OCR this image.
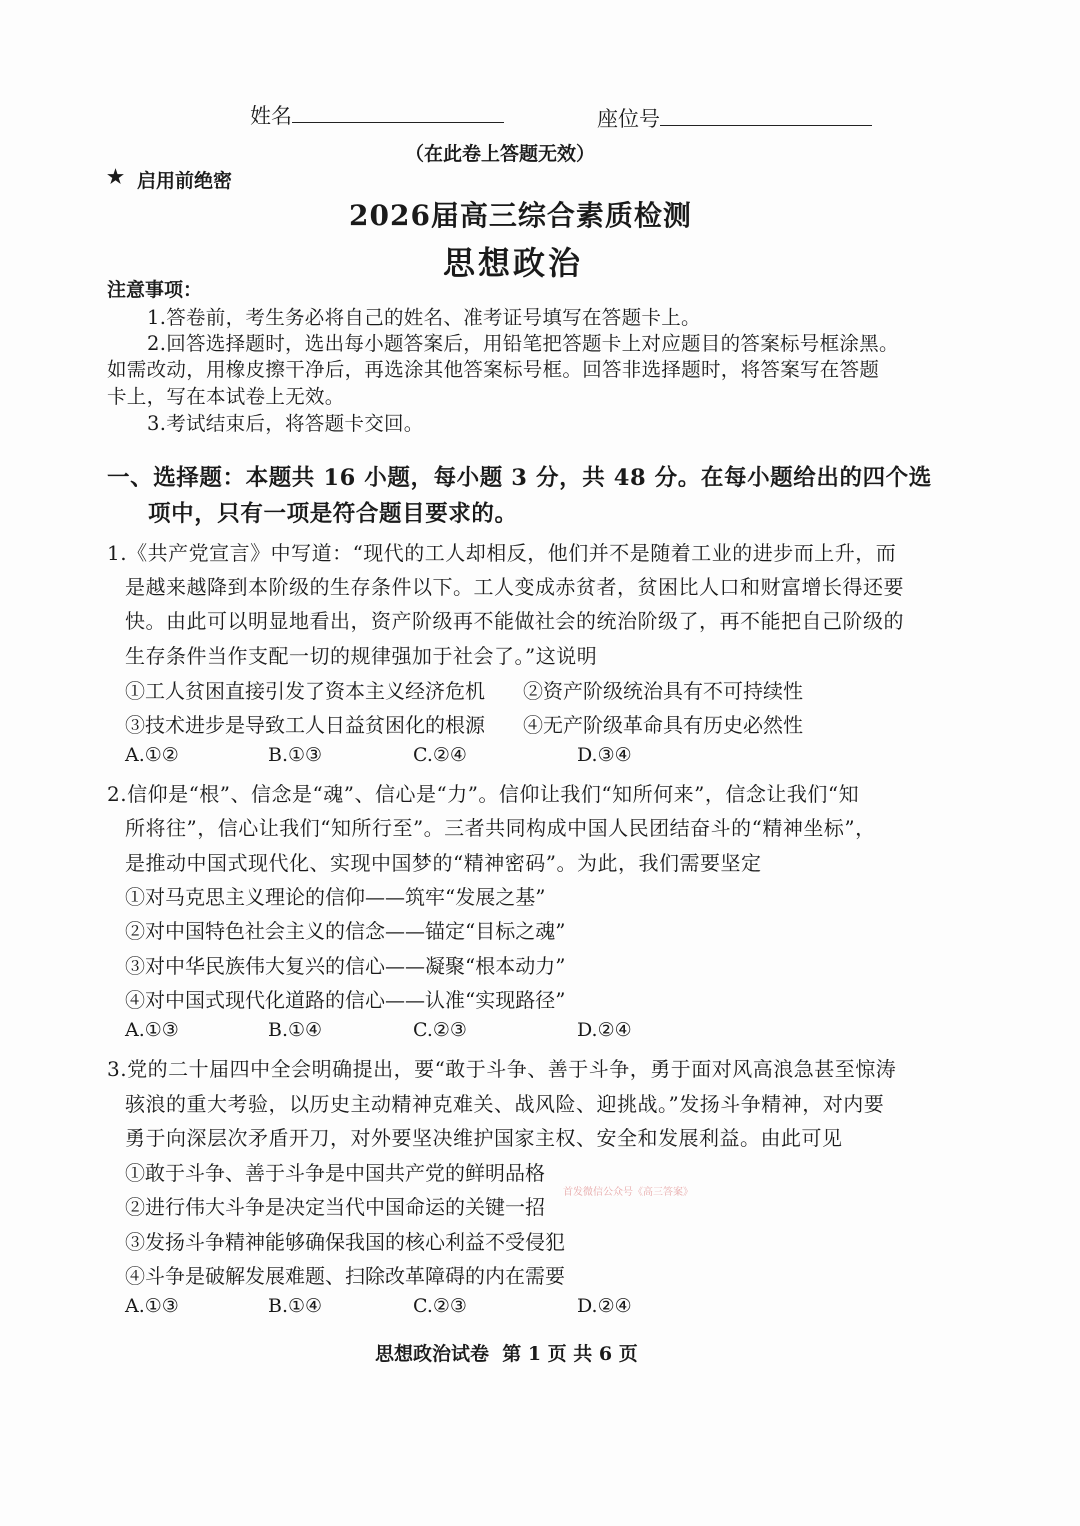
姓名	座位号
（在此卷上答题无效）
★ 启用前绝密
2026届高三综合素质检测
思想政治
注意事项：
1.答卷前，考生务必将自己的姓名、准考证号填写在答题卡上。
2.回答选择题时，选出每小题答案后，用铅笔把答题卡上对应题目的答案标号框涂黑。
如需改动，用橡皮擦干净后，再选涂其他答案标号框。回答非选择题时，将答案写在答题
卡上，写在本试卷上无效。
3.考试结束后，将答题卡交回。
一、选择题：本题共 16 小题，每小题 3 分，共 48 分。在每小题给出的四个选
项中，只有一项是符合题目要求的。
1.《共产党宣言》中写道：“现代的工人却相反，他们并不是随着工业的进步而上升，而
是越来越降到本阶级的生存条件以下。工人变成赤贫者，贫困比人口和财富增长得还要
快。由此可以明显地看出，资产阶级再不能做社会的统治阶级了，再不能把自己阶级的
生存条件当作支配一切的规律强加于社会了。”这说明
①工人贫困直接引发了资本主义经济危机 ②资产阶级统治具有不可持续性
③技术进步是导致工人日益贫困化的根源 ④无产阶级革命具有历史必然性
A.①②	B.①③	C.②④	D.③④
2.信仰是“根”、信念是“魂”、信心是“力”。信仰让我们“知所何来”，信念让我们“知
所将往”，信心让我们“知所行至”。三者共同构成中国人民团结奋斗的“精神坐标”，
是推动中国式现代化、实现中国梦的“精神密码”。为此，我们需要坚定
①对马克思主义理论的信仰——筑牢“发展之基”
②对中国特色社会主义的信念——锚定“目标之魂”
③对中华民族伟大复兴的信心——凝聚“根本动力”
④对中国式现代化道路的信心——认准“实现路径”
A.①③	B.①④	C.②③	D.②④
3.党的二十届四中全会明确提出，要“敢于斗争、善于斗争，勇于面对风高浪急甚至惊涛
骇浪的重大考验，以历史主动精神克难关、战风险、迎挑战。”发扬斗争精神，对内要
勇于向深层次矛盾开刀，对外要坚决维护国家主权、安全和发展利益。由此可见
①敢于斗争、善于斗争是中国共产党的鲜明品格
首发微信公众号《高三答案》
②进行伟大斗争是决定当代中国命运的关键一招
③发扬斗争精神能够确保我国的核心利益不受侵犯
④斗争是破解发展难题、扫除改革障碍的内在需要
A.①③	B.①④	C.②③	D.②④
思想政治试卷  第 1 页 共 6 页
